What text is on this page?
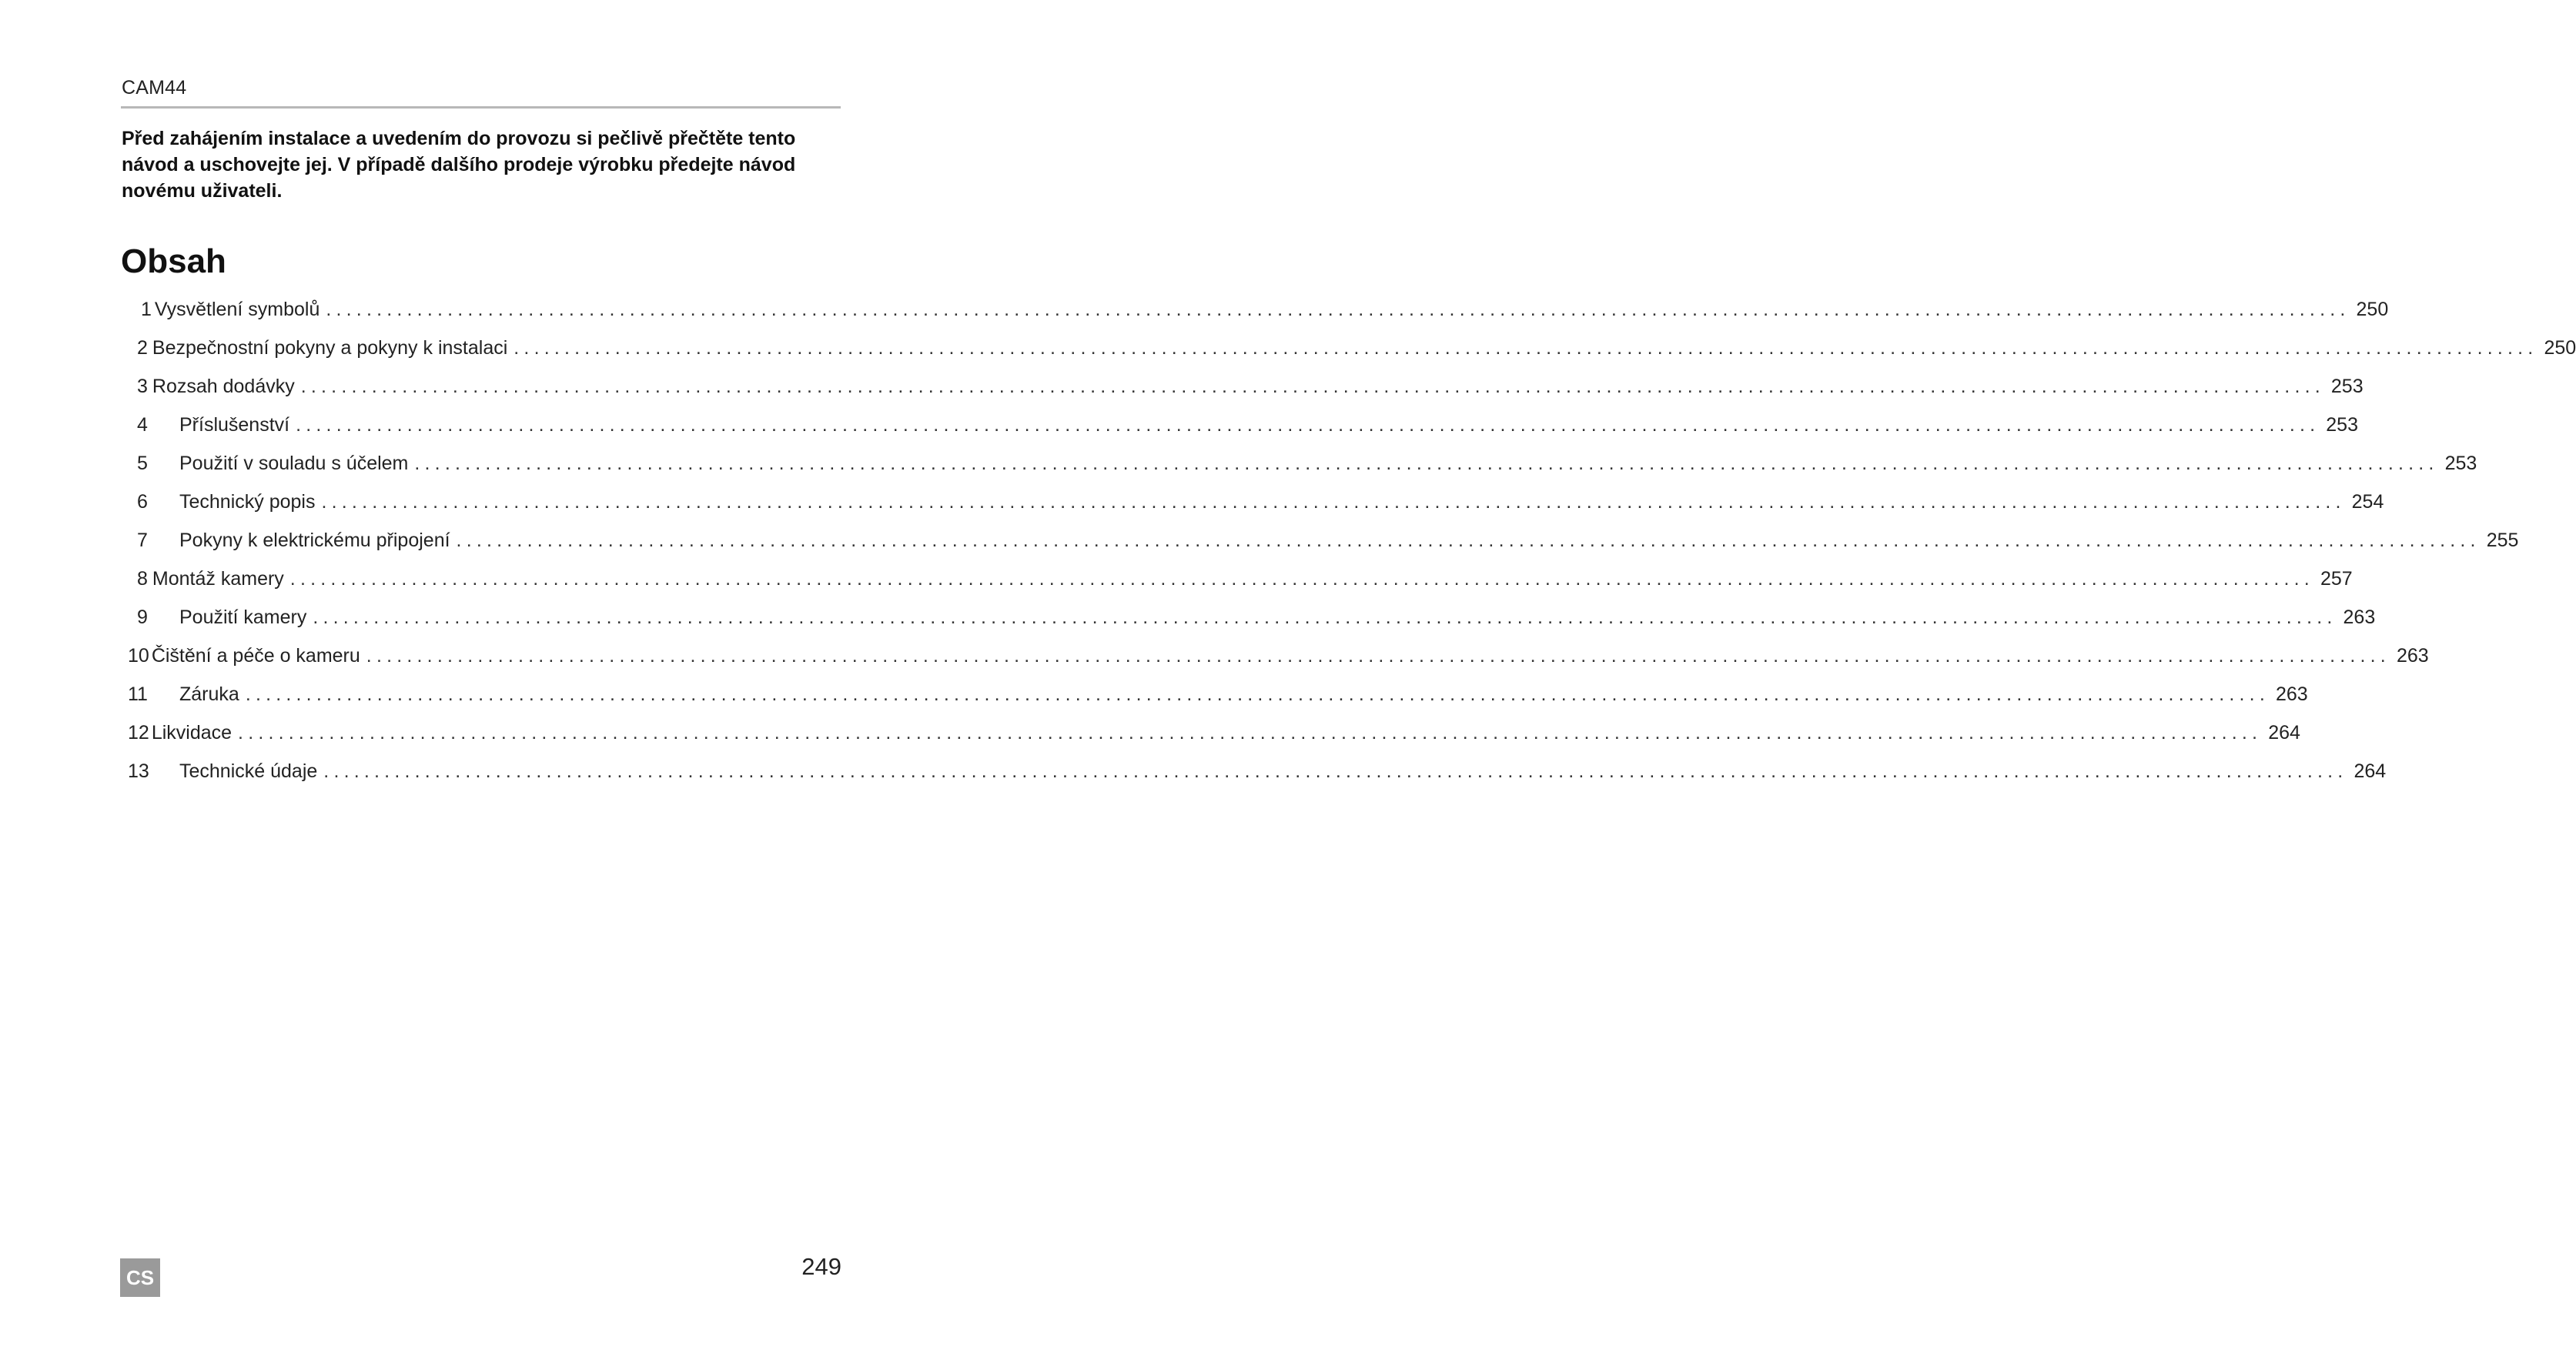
CAM44
Před zahájením instalace a uvedením do provozu si pečlivě přečtěte tento
návod a uschovejte jej. V případě dalšího prodeje výrobku předejte návod
novému uživateli.
Obsah
1 Vysvětlení symbolů ........................................................................................................................................................................................................ 250
2 Bezpečnostní pokyny a pokyny k instalaci ........................................................................................................................................................................................................ 250
3 Rozsah dodávky ........................................................................................................................................................................................................ 253
4	Příslušenství ........................................................................................................................................................................................................ 253
5	Použití v souladu s účelem ........................................................................................................................................................................................................ 253
6	Technický popis ........................................................................................................................................................................................................ 254
7	Pokyny k elektrickému připojení ........................................................................................................................................................................................................ 255
8 Montáž kamery ........................................................................................................................................................................................................ 257
9	Použití kamery ........................................................................................................................................................................................................ 263
10 Čištění a péče o kameru ........................................................................................................................................................................................................ 263
11	Záruka ........................................................................................................................................................................................................ 263
12 Likvidace ........................................................................................................................................................................................................ 264
13	Technické údaje ........................................................................................................................................................................................................ 264
CS	249
